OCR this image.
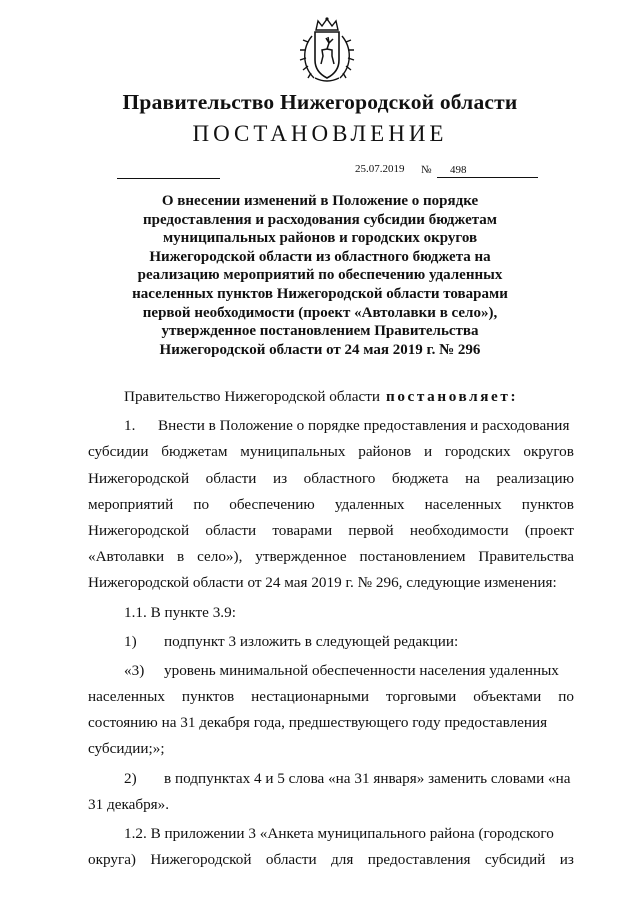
Правительство Нижегородской области
ПОСТАНОВЛЕНИЕ
25.07.2019 №	498
О внесении изменений в Положение о порядке
предоставления и расходования субсидии бюджетам
муниципальных районов и городских округов
Нижегородской области из областного бюджета на
реализацию мероприятий по обеспечению удаленных
населенных пунктов Нижегородской области товарами
первой необходимости (проект «Автолавки в село»),
утвержденное постановлением Правительства
Нижегородской области от 24 мая 2019 г. № 296
Правительство Нижегородской области постановляет:
1.	Внести в Положение о порядке предоставления и расходования
субсидии бюджетам муниципальных районов и городских округов
Нижегородской области из областного бюджета на реализацию
мероприятий по обеспечению удаленных населенных пунктов
Нижегородской области товарами первой необходимости (проект
«Автолавки в село»), утвержденное постановлением Правительства
Нижегородской области от 24 мая 2019 г. № 296, следующие изменения:
1.1. В пункте 3.9:
1)	подпункт 3 изложить в следующей редакции:
«3)	уровень минимальной обеспеченности населения удаленных
населенных пунктов нестационарными торговыми объектами по
состоянию на 31 декабря года, предшествующего году предоставления
субсидии;»;
2)	в подпунктах 4 и 5 слова «на 31 января» заменить словами «на
31 декабря».
1.2. В приложении 3 «Анкета муниципального района (городского
округа) Нижегородской области для предоставления субсидий из
